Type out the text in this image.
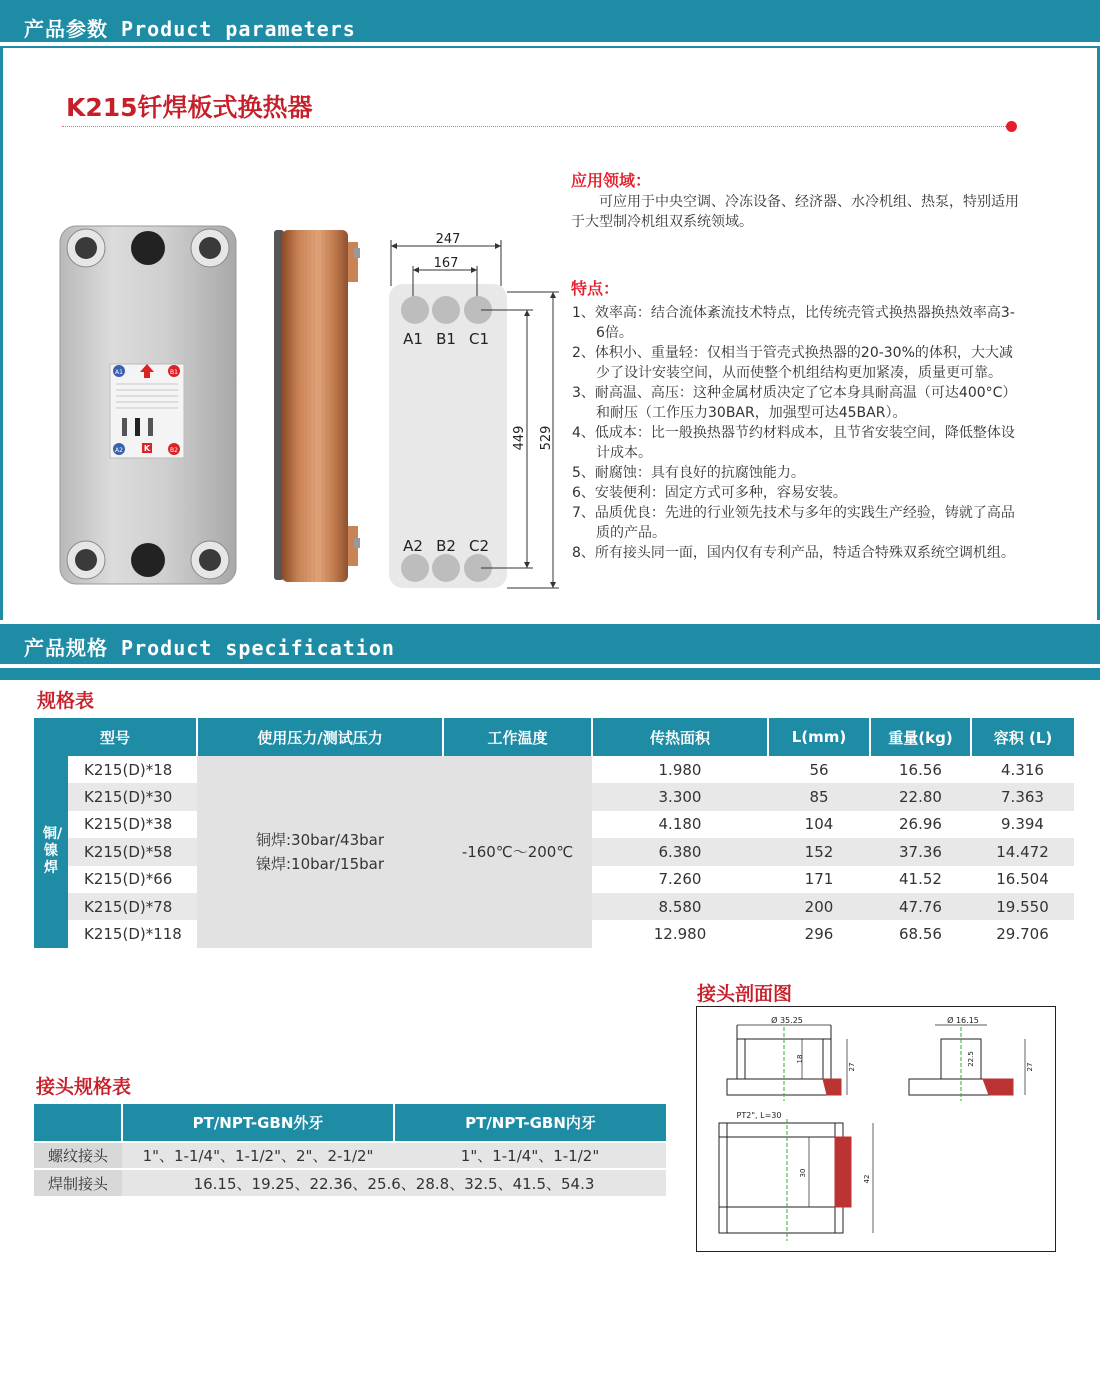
产品参数 Product parameters
K215钎焊板式换热器
A1	B1
A2	K	B2
247
167
A1 B1 C1
A2 B2 C2
449 529
应用领域：
可应用于中央空调、冷冻设备、经济器、水冷机组、热泵，特别适用于大型制冷机组双系统领域。
特点：
1、效率高：结合流体紊流技术特点，比传统壳管式换热器换热效率高3-6倍。
2、体积小、重量轻：仅相当于管壳式换热器的20-30%的体积，大大减少了设计安装空间，从而使整个机组结构更加紧凑，质量更可靠。
3、耐高温、高压：这种金属材质决定了它本身具耐高温（可达400°C）和耐压（工作压力30BAR，加强型可达45BAR）。
4、低成本：比一般换热器节约材料成本，且节省安装空间，降低整体设计成本。
5、耐腐蚀：具有良好的抗腐蚀能力。
6、安装便利：固定方式可多种，容易安装。
7、品质优良：先进的行业领先技术与多年的实践生产经验，铸就了高品质的产品。
8、所有接头同一面，国内仅有专利产品，特适合特殊双系统空调机组。
产品规格 Product specification
规格表
型号		使用压力/测试压力	工作温度	传热面积	L(mm)	重量(kg)	容积 (L)
铜/镍焊	K215(D)*18	铜焊:30bar/43bar
镍焊:10bar/15bar	-160℃～200℃	1.980	56	16.56	4.316
	K215(D)*30			3.300	85	22.80	7.363
	K215(D)*38			4.180	104	26.96	9.394
	K215(D)*58			6.380	152	37.36	14.472
	K215(D)*66			7.260	171	41.52	16.504
	K215(D)*78			8.580	200	47.76	19.550
	K215(D)*118			12.980	296	68.56	29.706
接头规格表
	PT/NPT-GBN外牙	PT/NPT-GBN内牙
螺纹接头	1"、1-1/4"、1-1/2"、2"、2-1/2"	1"、1-1/4"、1-1/2"
焊制接头	16.15、19.25、22.36、25.6、28.8、32.5、41.5、54.3	
接头剖面图
Ø 35.25
18
27
Ø 16.15
22.5
27
PT2", L=30
30
42
